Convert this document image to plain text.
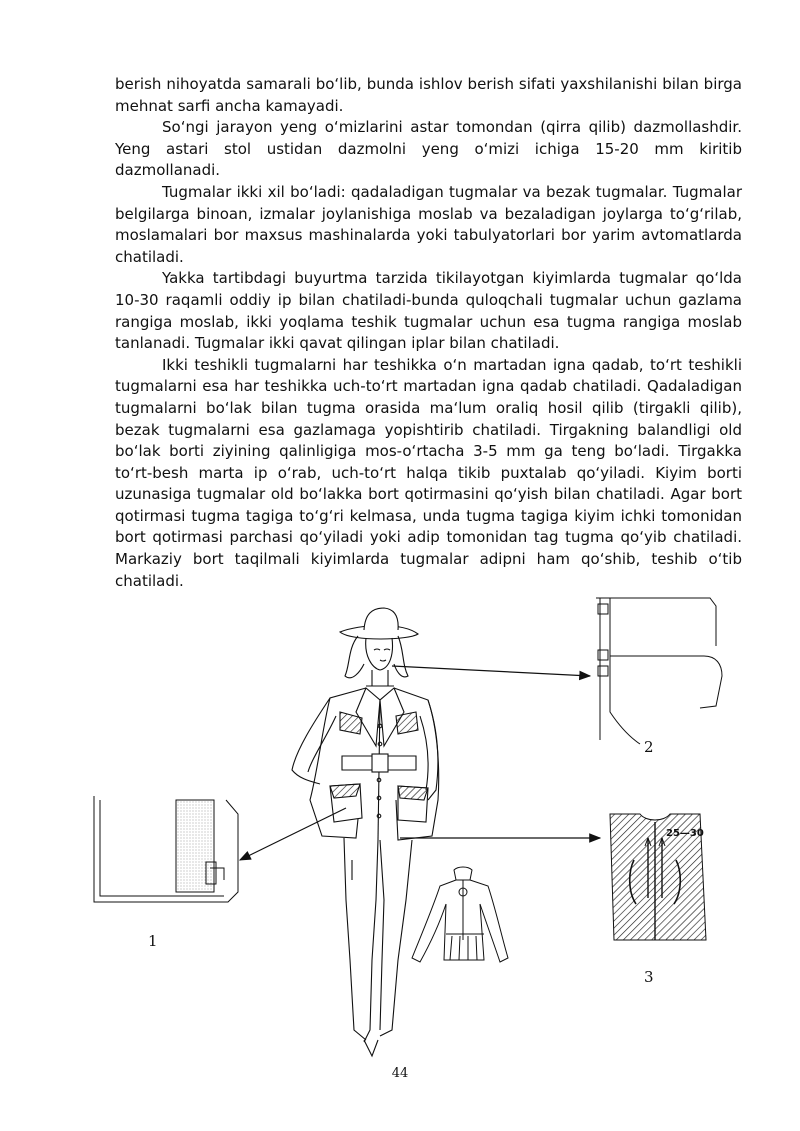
berish nihoyatda samarali bo‘lib, bunda ishlov berish sifati yaxshilanishi bilan birga mehnat sarfi ancha kamayadi.

So‘ngi jarayon yeng o‘mizlarini astar tomondan (qirra qilib) dazmollashdir. Yeng astari stol ustidan dazmolni yeng o‘mizi ichiga 15-20 mm kiritib dazmollanadi.

Tugmalar ikki xil bo‘ladi: qadaladigan tugmalar va bezak tugmalar. Tugmalar belgilarga binoan, izmalar joylanishiga moslab va bezaladigan joylarga to‘g‘rilab, moslamalari bor maxsus mashinalarda yoki tabulyatorlari bor yarim avtomatlarda chatiladi.

Yakka tartibdagi buyurtma tarzida tikilayotgan kiyimlarda tugmalar qo‘lda 10-30 raqamli oddiy ip bilan chatiladi-bunda quloqchali tugmalar uchun gazlama rangiga moslab, ikki yoqlama teshik tugmalar uchun esa tugma rangiga moslab tanlanadi. Tugmalar ikki qavat qilingan iplar bilan chatiladi.

Ikki teshikli tugmalarni har teshikka o‘n martadan igna qadab, to‘rt teshikli tugmalarni esa har teshikka uch-to‘rt martadan igna qadab chatiladi. Qadaladigan tugmalarni bo‘lak bilan tugma orasida ma‘lum oraliq hosil qilib (tirgakli qilib), bezak tugmalarni esa gazlamaga yopishtirib chatiladi. Tirgakning balandligi old bo‘lak borti ziyining qalinligiga mos-o‘rtacha 3-5 mm ga teng bo‘ladi. Tirgakka to‘rt-besh marta ip o‘rab, uch-to‘rt halqa tikib puxtalab qo‘yiladi. Kiyim borti uzunasiga tugmalar old bo‘lakka bort qotirmasini qo‘yish bilan chatiladi. Agar bort qotirmasi tugma tagiga to‘g‘ri kelmasa, unda tugma tagiga kiyim ichki tomonidan bort qotirmasi parchasi qo‘yiladi yoki adip tomonidan tag tugma qo‘yib chatiladi. Markaziy bort taqilmali kiyimlarda tugmalar adipni ham qo‘shib, teshib o‘tib chatiladi.

25—30
1
2
3
44
